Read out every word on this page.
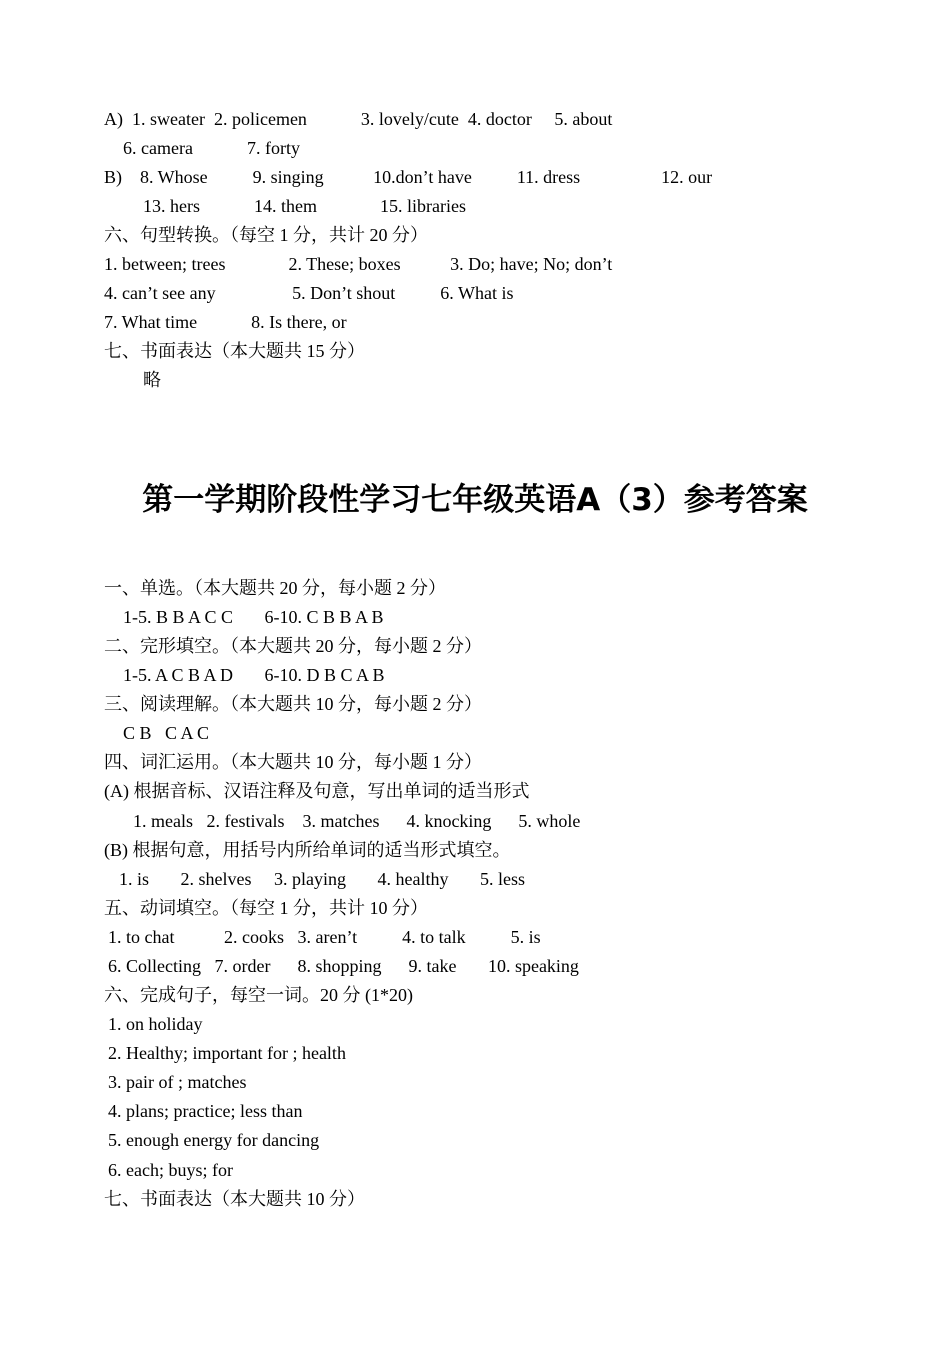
A)  1. sweater  2. policemen            3. lovely/cute  4. doctor     5. about
6. camera            7. forty
B)    8. Whose          9. singing           10.don’t have          11. dress                  12. our
13. hers            14. them              15. libraries
六、句型转换。（每空 1 分，共计 20 分）
1. between; trees              2. These; boxes           3. Do; have; No; don’t
4. can’t see any                 5. Don’t shout          6. What is
7. What time            8. Is there, or
七、书面表达（本大题共 15 分）
略
第一学期阶段性学习七年级英语A（3）参考答案
一、单选。（本大题共 20 分，每小题 2 分）
1-5. B B A C C       6-10. C B B A B
二、完形填空。（本大题共 20 分，每小题 2 分）
1-5. A C B A D       6-10. D B C A B
三、阅读理解。（本大题共 10 分，每小题 2 分）
C B   C A C
四、词汇运用。（本大题共 10 分，每小题 1 分）
(A) 根据音标、汉语注释及句意，写出单词的适当形式
1. meals   2. festivals    3. matches      4. knocking      5. whole
(B) 根据句意，用括号内所给单词的适当形式填空。
1. is       2. shelves     3. playing       4. healthy       5. less
五、动词填空。（每空 1 分，共计 10 分）
1. to chat           2. cooks   3. aren’t          4. to talk          5. is
6. Collecting   7. order      8. shopping      9. take       10. speaking
六、完成句子，每空一词。20 分 (1*20)
1. on holiday
2. Healthy; important for ; health
3. pair of ; matches
4. plans; practice; less than
5. enough energy for dancing
6. each; buys; for
七、书面表达（本大题共 10 分）
